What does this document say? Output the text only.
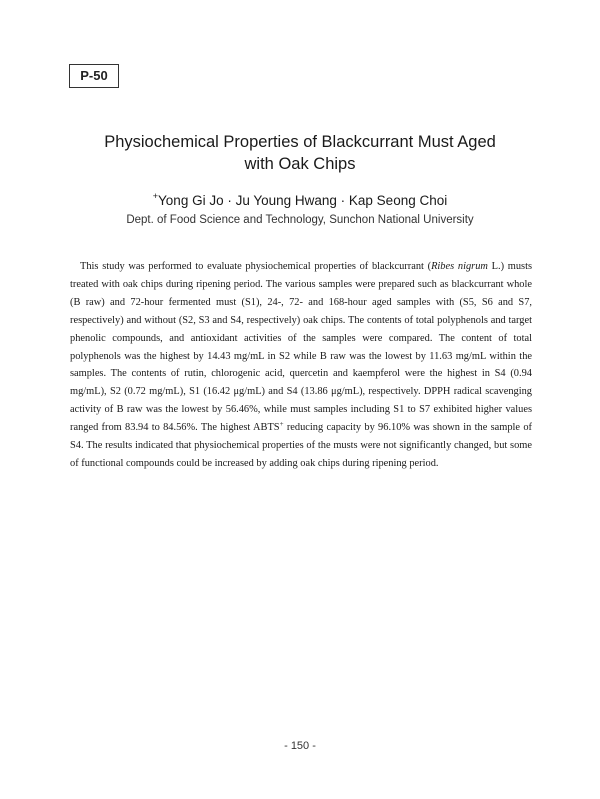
P-50
Physiochemical Properties of Blackcurrant Must Aged
with Oak Chips
+Yong Gi Jo · Ju Young Hwang · Kap Seong Choi
Dept. of Food Science and Technology, Sunchon National University

This study was performed to evaluate physiochemical properties of blackcurrant (Ribes nigrum L.) musts treated with oak chips during ripening period. The various samples were prepared such as blackcurrant whole (B raw) and 72-hour fermented must (S1), 24-, 72- and 168-hour aged samples with (S5, S6 and S7, respectively) and without (S2, S3 and S4, respectively) oak chips. The contents of total polyphenols and target phenolic compounds, and antioxidant activities of the samples were compared. The content of total polyphenols was the highest by 14.43 mg/mL in S2 while B raw was the lowest by 11.63 mg/mL within the samples. The contents of rutin, chlorogenic acid, quercetin and kaempferol were the highest in S4 (0.94 mg/mL), S2 (0.72 mg/mL), S1 (16.42 μg/mL) and S4 (13.86 μg/mL), respectively. DPPH radical scavenging activity of B raw was the lowest by 56.46%, while must samples including S1 to S7 exhibited higher values ranged from 83.94 to 84.56%. The highest ABTS+ reducing capacity by 96.10% was shown in the sample of S4. The results indicated that physiochemical properties of the musts were not significantly changed, but some of functional compounds could be increased by adding oak chips during ripening period.

- 150 -
